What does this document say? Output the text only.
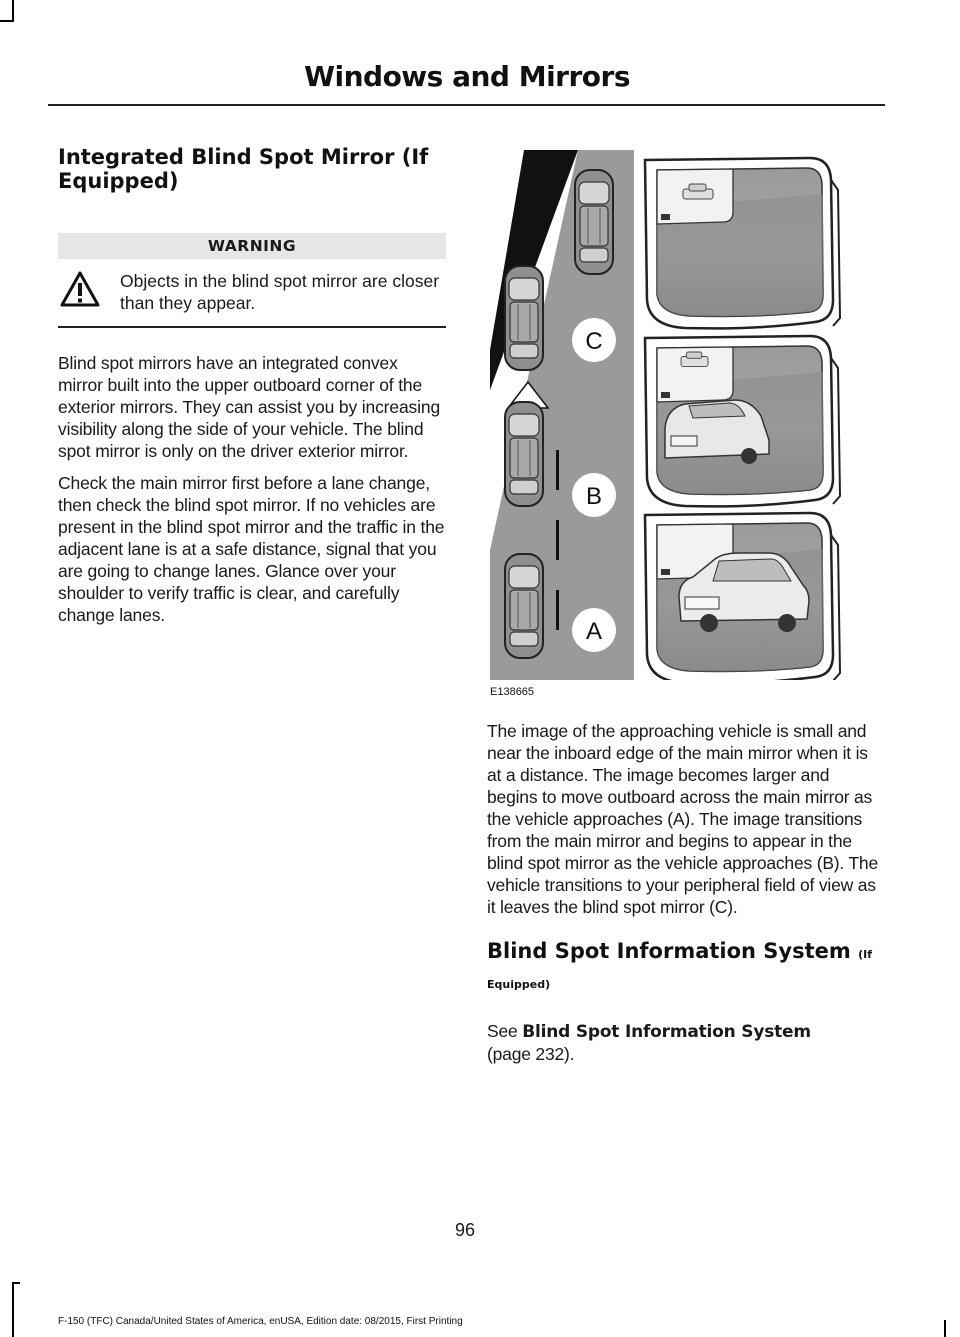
Windows and Mirrors
Integrated Blind Spot Mirror (If Equipped)
WARNING

Objects in the blind spot mirror are closer than they appear.

Blind spot mirrors have an integrated convex mirror built into the upper outboard corner of the exterior mirrors. They can assist you by increasing visibility along the side of your vehicle. The blind spot mirror is only on the driver exterior mirror.

Check the main mirror first before a lane change, then check the blind spot mirror. If no vehicles are present in the blind spot mirror and the traffic in the adjacent lane is at a safe distance, signal that you are going to change lanes. Glance over your shoulder to verify traffic is clear, and carefully change lanes.

C
B
A
E138665

The image of the approaching vehicle is small and near the inboard edge of the main mirror when it is at a distance. The image becomes larger and begins to move outboard across the main mirror as the vehicle approaches (A). The image transitions from the main mirror and begins to appear in the blind spot mirror as the vehicle approaches (B). The vehicle transitions to your peripheral field of view as it leaves the blind spot mirror (C).

Blind Spot Information System (If
Equipped)

See Blind Spot Information System
(page 232).

96
F-150 (TFC) Canada/United States of America, enUSA, Edition date: 08/2015, First Printing
